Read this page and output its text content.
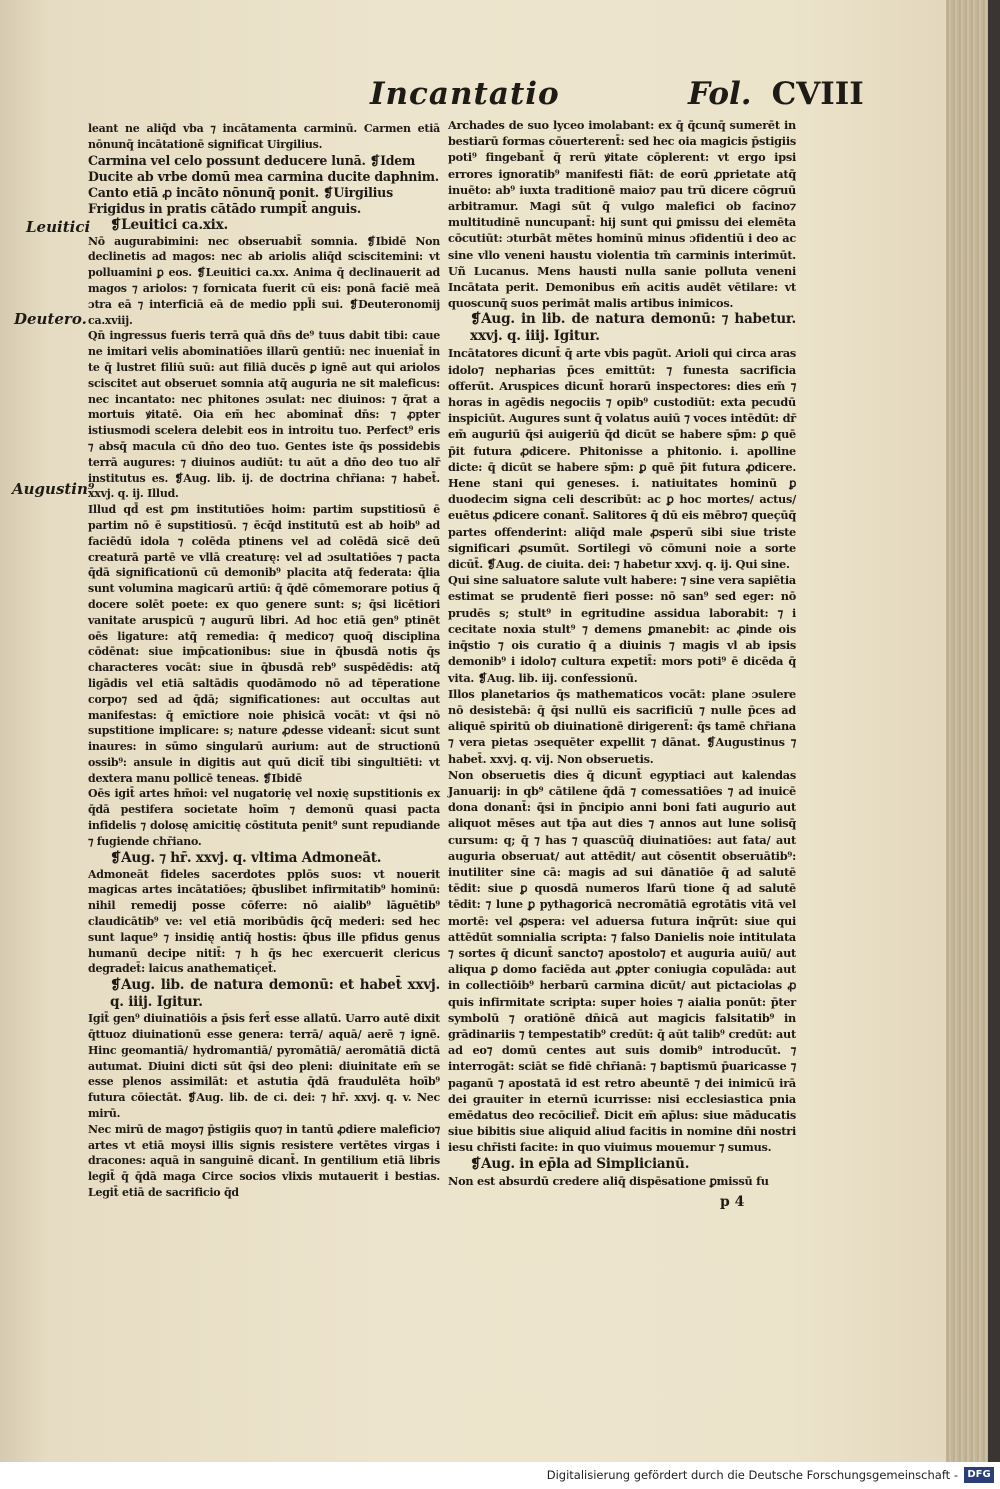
Incantatio	Fol. CVIII
Leuitici
Deutero.
Augustin⁹

leant ne aliq̄d vba ⁊ incātamenta carminū. Carmen etiā nōnunq̄ incātationē significat Uirgilius.

Carmina vel celo possunt deducere lunā. ❡Idem

Ducite ab vrbe domū mea carmina ducite daphnim.

Canto etiā ꝓ incāto nōnunq̄ ponit. ❡Uirgilius

Frigidus in pratis cātādo rumpit̄ anguis.

❡Leuitici ca.xix.

Nō augurabimini: nec obseruabit̄ somnia. ❡Ibidē Non declinetis ad magos: nec ab ariolis aliq̄d sciscitemini: vt polluamini ꝑ eos. ❡Leuitici ca.xx. Anima q̄ declinauerit ad magos ⁊ ariolos: ⁊ fornicata fuerit cū eis: ponā faciē meā ɔtra eā ⁊ interficiā eā de medio ppl̄i sui. ❡Deuteronomij ca.xviij.

Qn̄ ingressus fueris terrā quā dn̄s de⁹ tuus dabit tibi: caue ne imitari velis abominatiōes illarū gentiū: nec inueniat̄ in te q̄ lustret filiū suū: aut filiā ducēs ꝑ ignē aut qui ariolos sciscitet aut obseruet somnia atq̄ auguria ne sit maleficus: nec incantato: nec phitones ɔsulat: nec diuinos: ⁊ q̄rat a mortuis ꝟitatē. Oia em̄ hec abominat̄ dn̄s: ⁊ ꝓpter istiusmodi scelera delebit eos in introitu tuo. Perfect⁹ eris ⁊ absq̄ macula cū dn̄o deo tuo. Gentes iste q̄s possidebis terrā augures: ⁊ diuinos audiūt: tu aūt a dn̄o deo tuo alr̄ institutus es. ❡Aug. lib. ij. de doctrina chr̄iana: ⁊ habet̄. xxvj. q. ij. Illud.

Illud qd̄ est ꝑm institutiōes hoim: partim supstitiosū ē partim nō ē supstitiosū. ⁊ ēcq̄d institutū est ab hoib⁹ ad faciēdū idola ⁊ colēda ptinens vel ad colēdā sicē deū creaturā partē ve vllā creaturę: vel ad ɔsultatiōes ⁊ pacta q̄dā significationū cū demonib⁹ placita atq̄ federata: q̄lia sunt volumina magicarū artiū: q̄ q̄dē cōmemorare potius q̄ docere solēt poete: ex quo genere sunt: s; q̄si licētiori vanitate aruspicū ⁊ augurū libri. Ad hoc etiā gen⁹ ptinēt oēs ligature: atq̄ remedia: q̄ medico⁊ quoq̄ disciplina cōdēnat: siue imp̄cationibus: siue in q̄busdā notis q̄s characteres vocāt: siue in q̄busdā reb⁹ suspēdēdis: atq̄ ligādis vel etiā saltādis quodāmodo nō ad tēperatione corpo⁊ sed ad q̄dā; significationes: aut occultas aut manifestas: q̄ emīctiore noie phisicā vocāt: vt q̄si nō supstitione implicare: s; nature ꝓdesse videant̄: sicut sunt inaures: in sūmo singularū aurium: aut de structionū ossib⁹: ansule in digitis aut quū dicit̄ tibi singultiēti: vt dextera manu pollicē teneas. ❡Ibidē

Oēs igit̄ artes hm̄oi: vel nugatorię vel noxię supstitionis ex q̄dā pestifera societate hoīm ⁊ demonū quasi pacta infidelis ⁊ dolosę amicitię cōstituta penit⁹ sunt repudiande ⁊ fugiende chr̄iano.

❡Aug. ⁊ hr̄. xxvj. q. vltima Admoneāt.

Admoneāt fideles sacerdotes pplōs suos: vt nouerit magicas artes incātatiōes; q̄buslibet infirmitatib⁹ hominū: nihil remedij posse cōferre: nō aialib⁹ lāguētib⁹ claudicātib⁹ ve: vel etiā moribūdis q̄cq̄ mederi: sed hec sunt laque⁹ ⁊ insidię antiq̄ hostis: q̄bus ille pfidus genus humanū decipe nitit̄: ⁊ h q̄s hec exercuerit clericus degradet̄: laicus anathematiçet̄.

❡Aug. lib. de natura demonū: et habet̄ xxvj. q. iiij. Igitur.

Igit̄ gen⁹ diuinatiōis a p̄sis fert̄ esse allatū. Uarro autē dixit q̄ttuoz diuinationū esse genera: terrā/ aquā/ aerē ⁊ ignē. Hinc geomantiā/ hydromantiā/ pyromātiā/ aeromātiā dictā autumat. Diuini dicti sūt q̄si deo pleni: diuinitate em̄ se esse plenos assimilāt: et astutia q̄dā fraudulēta hoīb⁹ futura cōiectāt. ❡Aug. lib. de ci. dei: ⁊ hr̄. xxvj. q. v. Nec mirū.

Nec mirū de mago⁊ p̄stigiis quo⁊ in tantū ꝓdiere maleficio⁊ artes vt etiā moysi illis signis resistere vertētes virgas i dracones: aquā in sanguinē dicant̄. In gentilium etiā libris legit̄ q̄ q̄dā maga Circe socios vlixis mutauerit i bestias. Legit̄ etiā de sacrificio q̄d

Archades de suo lyceo imolabant: ex q̄ q̄cunq̄ sumerēt in bestiarū formas cōuerterent̄: sed hec oia magicis p̄stigiis poti⁹ fingebant̄ q̄ rerū ꝟitate cōplerent: vt ergo ipsi errores ignoratib⁹ manifesti fiāt: de eorū ꝓprietate atq̄ inuēto: ab⁹ iuxta traditionē maio⁊ pau trū dicere cōgruū arbitramur. Magi sūt q̄ vulgo malefici ob facino⁊ multitudinē nuncupant̄: hij sunt qui ꝑmissu dei elemēta cōcutiūt: ɔturbāt mētes hominū minus ɔfidentiū i deo ac sine vllo veneni haustu violentia tm̄ carminis interimūt. Uñ Lucanus. Mens hausti nulla sanie polluta veneni Incātata perit. Demonibus em̄ acitis audēt vētilare: vt quoscunq̄ suos perimāt malis artibus inimicos.

❡Aug. in lib. de natura demonū: ⁊ habetur. xxvj. q. iiij. Igitur.

Incātatores dicunt̄ q̄ arte vbis pagūt. Arioli qui circa aras idolo⁊ nepharias p̄ces emittūt: ⁊ funesta sacrificia offerūt. Aruspices dicunt̄ horarū inspectores: dies em̄ ⁊ horas in agēdis negociis ⁊ opib⁹ custodiūt: exta pecudū inspiciūt. Augures sunt q̄ volatus auiū ⁊ voces intēdūt: dr̄ em̄ auguriū q̄si auigeriū q̄d dicūt se habere sp̄m: ꝑ quē p̄it futura ꝓdicere. Phitonisse a phitonio. i. apolline dicte: q̄ dicūt se habere sp̄m: ꝑ quē p̄it futura ꝓdicere. Hene stani qui geneses. i. natiuitates hominū ꝑ duodecim signa celi describūt: ac ꝑ hoc mortes/ actus/ euētus ꝓdicere conant̄. Salitores q̄ dū eis mēbro⁊ queçūq̄ partes offenderint: aliq̄d male ꝓsperū sibi siue triste significari ꝓsumūt. Sortilegi vō cōmuni noie a sorte dicūt̄. ❡Aug. de ciuita. dei: ⁊ habetur xxvj. q. ij. Qui sine.

Qui sine saluatore salute vult habere: ⁊ sine vera sapiētia estimat se prudentē fieri posse: nō san⁹ sed eger: nō prudēs s; stult⁹ in egritudine assidua laborabit: ⁊ i cecitate noxia stult⁹ ⁊ demens ꝑmanebit: ac ꝓinde ois inq̄stio ⁊ ois curatio q̄ a diuinis ⁊ magis vl ab ipsis demonib⁹ i idolo⁊ cultura expetit̄: mors poti⁹ ē dicēda q̄ vita. ❡Aug. lib. iij. confessionū.

Illos planetarios q̄s mathematicos vocāt: plane ɔsulere nō desistebā: q̄ q̄si nullū eis sacrificiū ⁊ nulle p̄ces ad aliquē spiritū ob diuinationē dirigerent̄: q̄s tamē chr̄iana ⁊ vera pietas ɔsequēter expellit ⁊ dānat. ❡Augustinus ⁊ habet̄. xxvj. q. vij. Non obseruetis.

Non obseruetis dies q̄ dicunt̄ egyptiaci aut kalendas Januarij: in qb⁹ cātilene q̄dā ⁊ comessatiōes ⁊ ad inuicē dona donant̄: q̄si in p̄ncipio anni boni fati augurio aut aliquot mēses aut tp̄a aut dies ⁊ annos aut lune solisq̄ cursum: q; q̄ ⁊ has ⁊ quascūq̄ diuinatiōes: aut fata/ aut auguria obseruat/ aut attēdit/ aut cōsentit obseruātib⁹: inutiliter sine cā: magis ad sui dānatiōe q̄ ad salutē tēdit: siue ꝑ quosdā numeros lfarū tione q̄ ad salutē tēdit: ⁊ lune ꝑ pythagoricā necromātiā egrotātis vitā vel mortē: vel ꝓspera: vel aduersa futura inq̄rūt: siue qui attēdūt somnialia scripta: ⁊ falso Danielis noie intitulata ⁊ sortes q̄ dicunt̄ sancto⁊ apostolo⁊ et auguria auiū/ aut aliqua ꝑ domo faciēda aut ꝓpter coniugia copulāda: aut in collectiōib⁹ herbarū carmina dicūt/ aut pictaciolas ꝓ quis infirmitate scripta: super hoies ⁊ aialia ponūt: p̄ter symbolū ⁊ oratiōnē dn̄icā aut magicis falsitatib⁹ in grādinariis ⁊ tempestatib⁹ credūt: q̄ aūt talib⁹ credūt: aut ad eo⁊ domū centes aut suis domib⁹ introducūt. ⁊ interrogāt: sciāt se fidē chr̄ianā: ⁊ baptismū p̄uaricasse ⁊ paganū ⁊ apostatā id est retro abeuntē ⁊ dei inimicū irā dei grauiter in eternū icurrisse: nisi ecclesiastica pnia emēdatus deo recōcilief̄. Dicit em̄ ap̄lus: siue māducatis siue bibitis siue aliquid aliud facitis in nomine dn̄i nostri iesu chr̄isti facite: in quo viuimus mouemur ⁊ sumus.

❡Aug. in ep̄la ad Simplicianū.

Non est absurdū credere aliq̄ dispēsatione ꝑmissū fu

p 4
Digitalisierung gefördert durch die Deutsche Forschungsgemeinschaft - DFG
